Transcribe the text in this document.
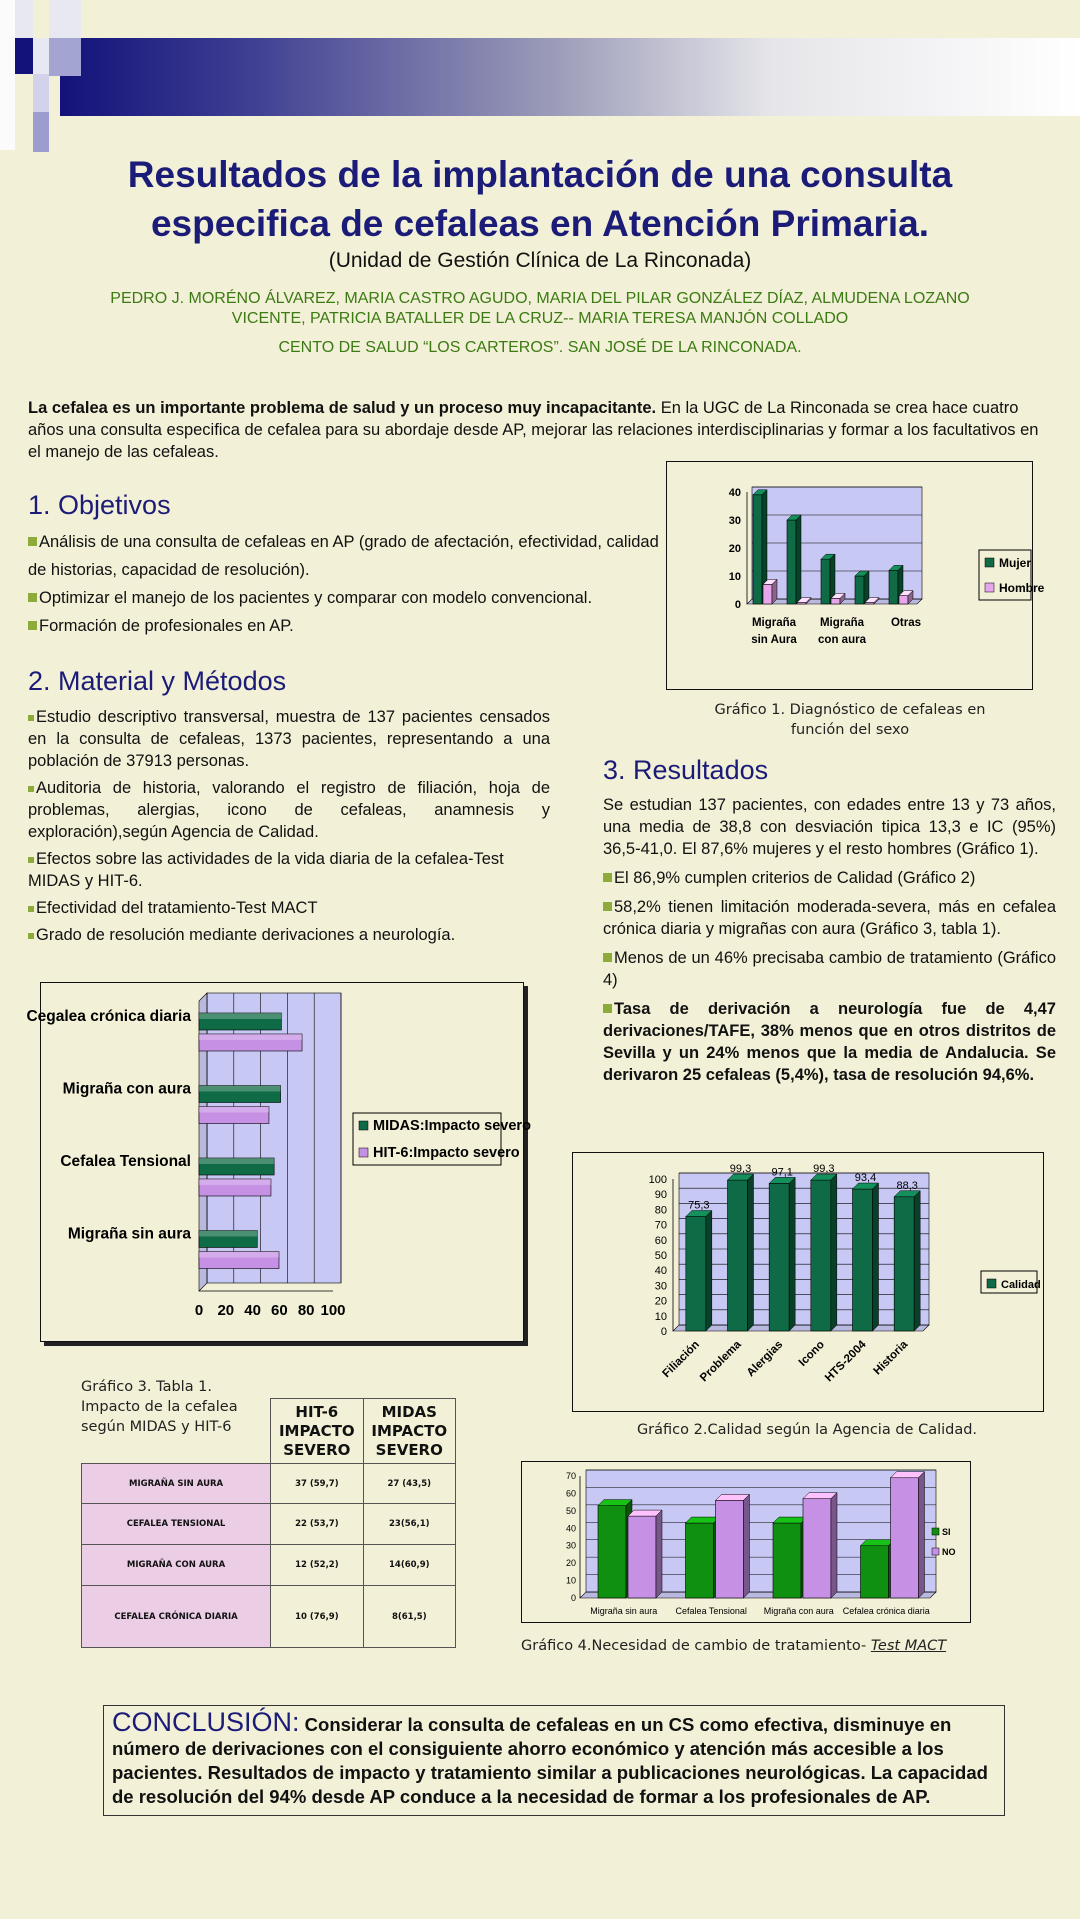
Resultados de la implantación de una consulta especifica de cefaleas en Atención Primaria.
(Unidad de Gestión Clínica de La Rinconada)
PEDRO J. MORÉNO ÁLVAREZ, MARIA CASTRO AGUDO, MARIA DEL PILAR GONZÁLEZ DÍAZ, ALMUDENA LOZANO VICENTE, PATRICIA BATALLER DE LA CRUZ-- MARIA TERESA MANJÓN COLLADO
CENTO DE SALUD “LOS CARTEROS”. SAN JOSÉ DE LA RINCONADA.
La cefalea es un importante problema de salud y un proceso muy incapacitante. En la UGC de La Rinconada se crea hace cuatro años una consulta especifica de cefalea para su abordaje desde AP, mejorar las relaciones interdisciplinarias y formar a los facultativos en el manejo de las cefaleas.
1. Objetivos
Análisis de una consulta de cefaleas en AP (grado de afectación, efectividad, calidad de historias, capacidad de resolución).
Optimizar el manejo de los pacientes y comparar con modelo convencional.
Formación de profesionales en AP.
2. Material y Métodos
Estudio descriptivo transversal, muestra de 137 pacientes censados en la consulta de cefaleas, 1373 pacientes, representando a una población de 37913 personas.
Auditoria de historia, valorando el registro de filiación, hoja de problemas, alergias, icono de cefaleas, anamnesis y exploración),según Agencia de Calidad.
Efectos sobre las actividades de la vida diaria de la cefalea-Test MIDAS y HIT-6.
Efectividad del tratamiento-Test MACT
Grado de resolución mediante derivaciones a neurología.
0
10
20
30
40
Migraña
sin Aura
Migraña
con aura
Otras
Mujer
Hombre
Gráfico 1. Diagnóstico de cefaleas en función del sexo
3. Resultados
Se estudian 137 pacientes, con edades entre 13 y 73 años, una media de 38,8 con desviación tipica 13,3 e IC (95%) 36,5-41,0. El 87,6% mujeres y el resto hombres (Gráfico 1).
El 86,9% cumplen criterios de Calidad (Gráfico 2)
58,2% tienen limitación moderada-severa, más en cefalea crónica diaria y migrañas con aura (Gráfico 3, tabla 1).
Menos de un 46% precisaba cambio de tratamiento (Gráfico 4)
Tasa de derivación a neurología fue de 4,47 derivaciones/TAFE, 38% menos que en otros distritos de Sevilla y un 24% menos que la media de Andalucia. Se derivaron 25 cefaleas (5,4%), tasa de resolución 94,6%.
0 20 40 60 80 100
Cegalea crónica diaria
Migraña con aura
Cefalea Tensional
Migraña sin aura
MIDAS:Impacto severo
HIT-6:Impacto severo
0
10
20
30
40
50
60
70
80
90
100
75,3
Filiación
99,3
Problema
97,1
Alergias
99,3
Icono
93,4
HTS-2004
88,3
Historia
Calidad
Gráfico 2.Calidad según la Agencia de Calidad.
Gráfico 3. Tabla 1.
Impacto de la cefalea
según MIDAS y HIT-6
	HIT-6 IMPACTO SEVERO	MIDAS IMPACTO SEVERO
MIGRAÑA SIN AURA	37 (59,7)	27 (43,5)
CEFALEA TENSIONAL	22 (53,7)	23(56,1)
MIGRAÑA CON AURA	12 (52,2)	14(60,9)
CEFALEA CRÓNICA DIARIA	10 (76,9)	8(61,5)
0
10
20
30
40
50
60
70
Migraña sin aura Cefalea Tensional Migraña con aura Cefalea crónica diaria
SI
NO
Gráfico 4.Necesidad de cambio de tratamiento- Test MACT
CONCLUSIÓN: Considerar la consulta de cefaleas en un CS como efectiva, disminuye en número de derivaciones con el consiguiente ahorro económico y atención más accesible a los pacientes. Resultados de impacto y tratamiento similar a publicaciones neurológicas. La capacidad de resolución del 94% desde AP conduce a la necesidad de formar a los profesionales de AP.
